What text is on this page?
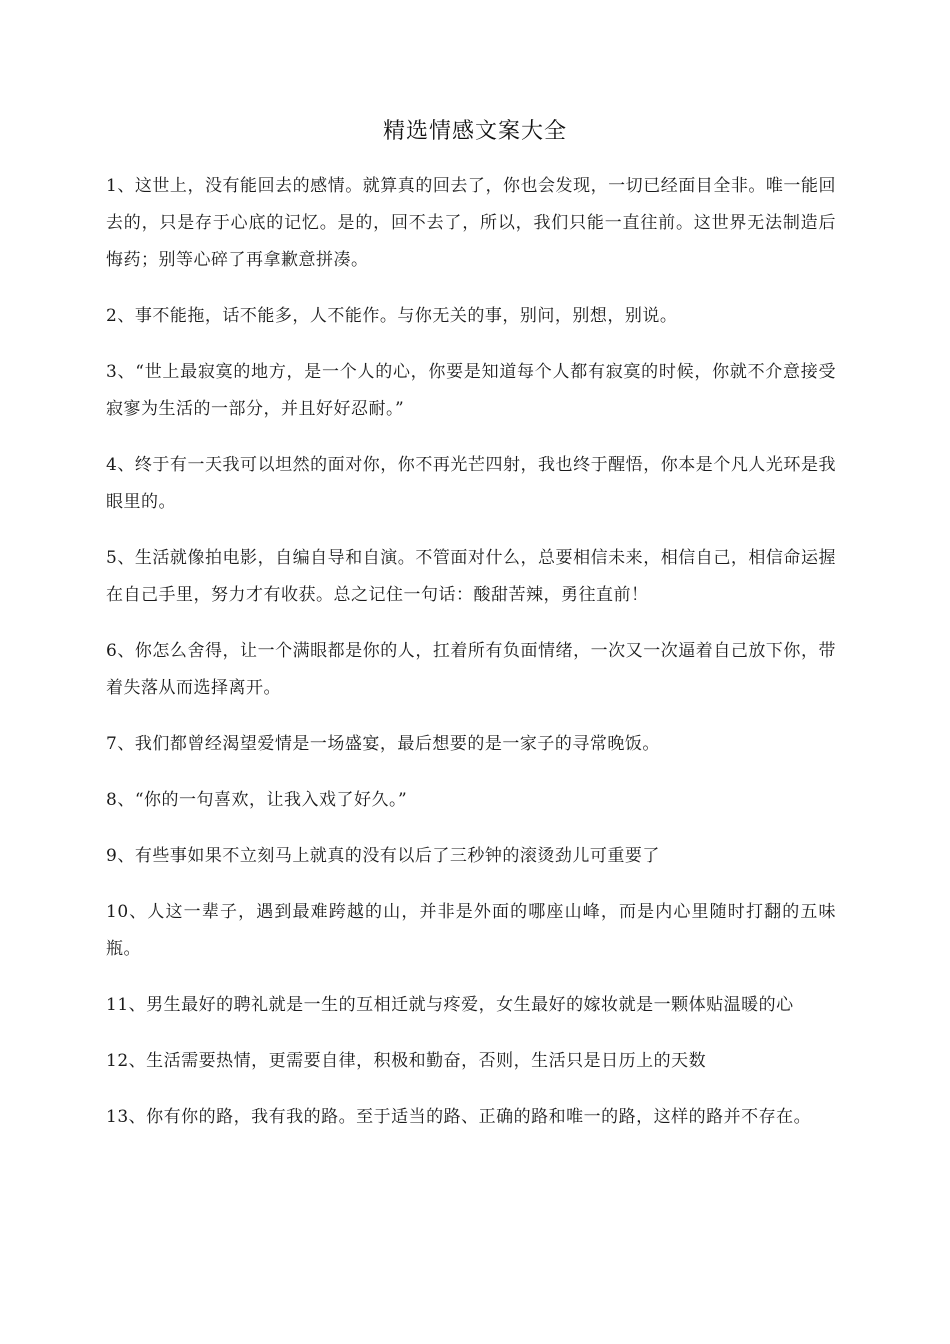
精选情感文案大全

1、这世上，没有能回去的感情。就算真的回去了，你也会发现，一切已经面目全非。唯一能回去的，只是存于心底的记忆。是的，回不去了，所以，我们只能一直往前。这世界无法制造后悔药；别等心碎了再拿歉意拼凑。

2、事不能拖，话不能多，人不能作。与你无关的事，别问，别想，别说。

3、“世上最寂寞的地方，是一个人的心，你要是知道每个人都有寂寞的时候，你就不介意接受寂寥为生活的一部分，并且好好忍耐。”

4、终于有一天我可以坦然的面对你，你不再光芒四射，我也终于醒悟，你本是个凡人光环是我眼里的。

5、生活就像拍电影，自编自导和自演。不管面对什么，总要相信未来，相信自己，相信命运握在自己手里，努力才有收获。总之记住一句话：酸甜苦辣，勇往直前！

6、你怎么舍得，让一个满眼都是你的人，扛着所有负面情绪，一次又一次逼着自己放下你，带着失落从而选择离开。

7、我们都曾经渴望爱情是一场盛宴，最后想要的是一家子的寻常晚饭。

8、“你的一句喜欢，让我入戏了好久。”

9、有些事如果不立刻马上就真的没有以后了三秒钟的滚烫劲儿可重要了

10、人这一辈子，遇到最难跨越的山，并非是外面的哪座山峰，而是内心里随时打翻的五味瓶。

11、男生最好的聘礼就是一生的互相迁就与疼爱，女生最好的嫁妆就是一颗体贴温暖的心

12、生活需要热情，更需要自律，积极和勤奋，否则，生活只是日历上的天数

13、你有你的路，我有我的路。至于适当的路、正确的路和唯一的路，这样的路并不存在。
